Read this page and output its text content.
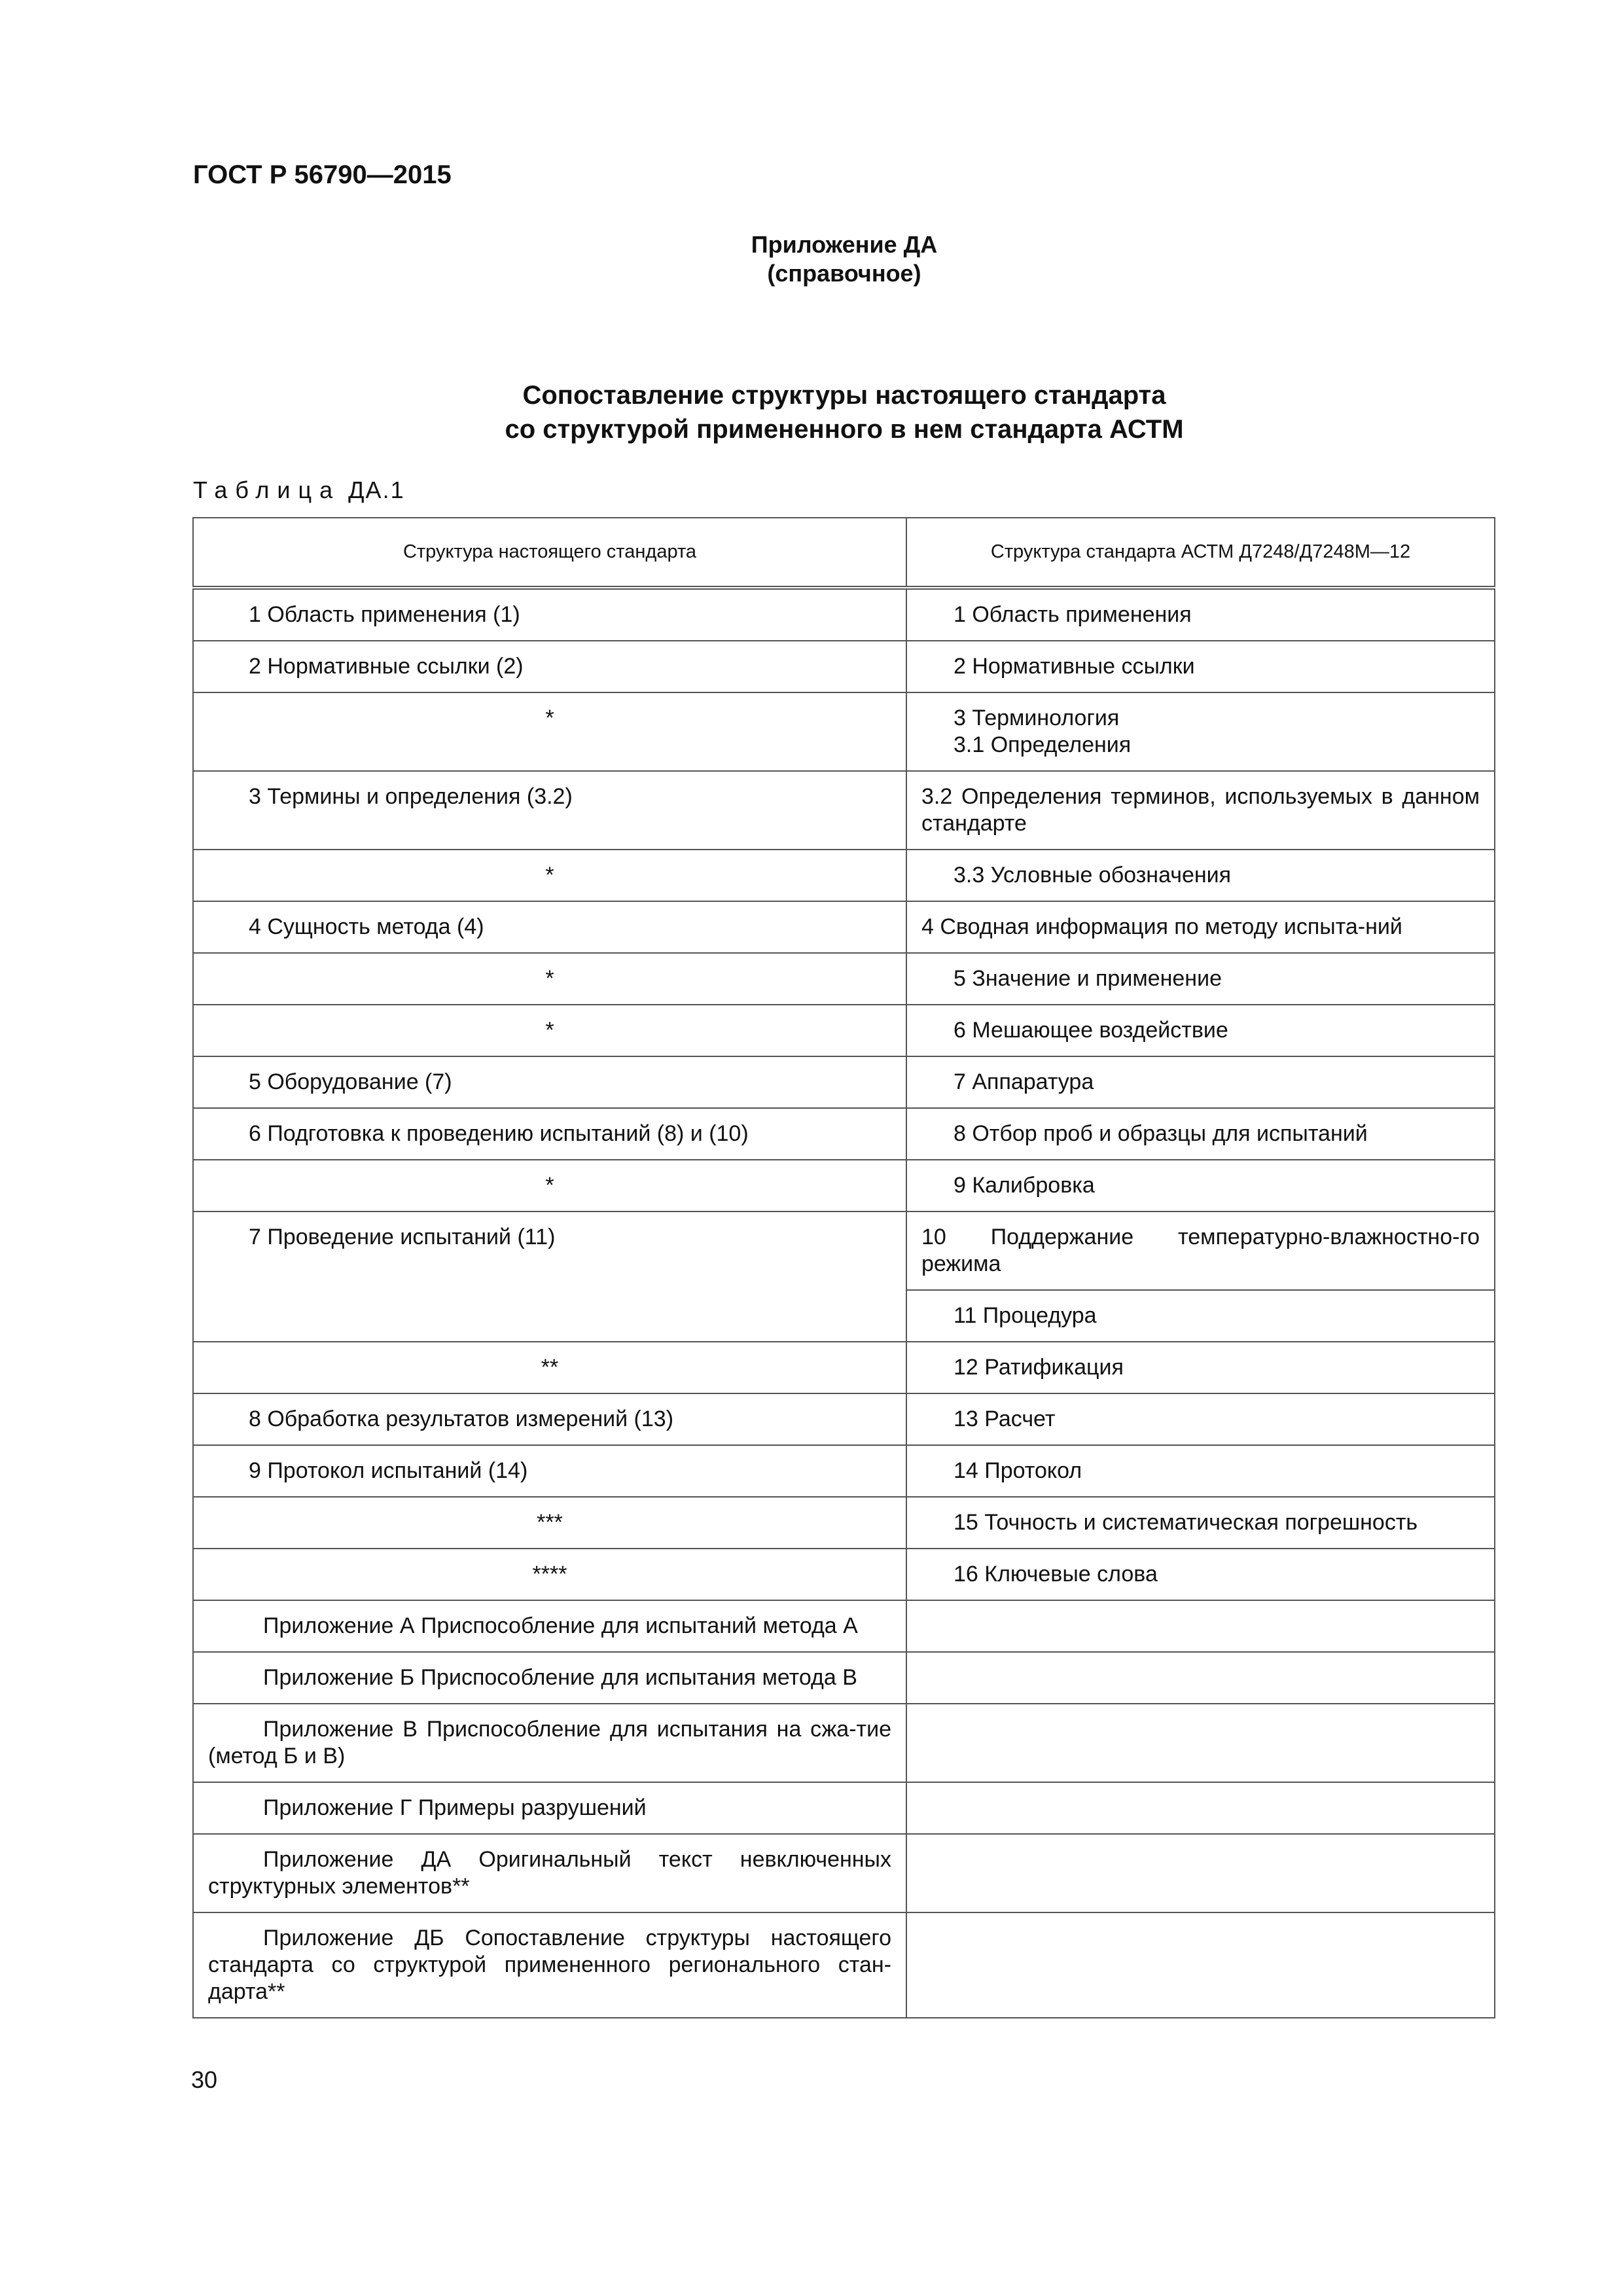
ГОСТ Р 56790—2015
Приложение ДА
(справочное)
Сопоставление структуры настоящего стандарта
со структурой примененного в нем стандарта АСТМ
Таблица ДА.1
Структура настоящего стандарта	Структура стандарта АСТМ Д7248/Д7248М—12
1 Область применения (1)	1 Область применения
2 Нормативные ссылки (2)	2 Нормативные ссылки
*	3 Терминология
3.1 Определения

3 Термины и определения (3.2)	3.2 Определения терминов, используемых в данном стандарте

*	3.3 Условные обозначения
4 Сущность метода (4)	4 Сводная информация по методу испыта-ний

*	5 Значение и применение
*	6 Мешающее воздействие
5 Оборудование (7)	7 Аппаратура
6 Подготовка к проведению испытаний (8) и (10)	8 Отбор проб и образцы для испытаний
*	9 Калибровка
7 Проведение испытаний (11)	10 Поддержание температурно-влажностно-го режима

	11 Процедура
**	12 Ратификация
8 Обработка результатов измерений (13)	13 Расчет
9 Протокол испытаний (14)	14 Протокол
***	15 Точность и систематическая погрешность
****	16 Ключевые слова
Приложение А Приспособление для испытаний метода А	
Приложение Б Приспособление для испытания метода В	
Приложение В Приспособление для испытания на сжа-тие (метод Б и В)	
Приложение Г Примеры разрушений	
Приложение ДА Оригинальный текст невключенных структурных элементов**	
Приложение ДБ Сопоставление структуры настоящего стандарта со структурой примененного регионального стан-дарта**	
30
